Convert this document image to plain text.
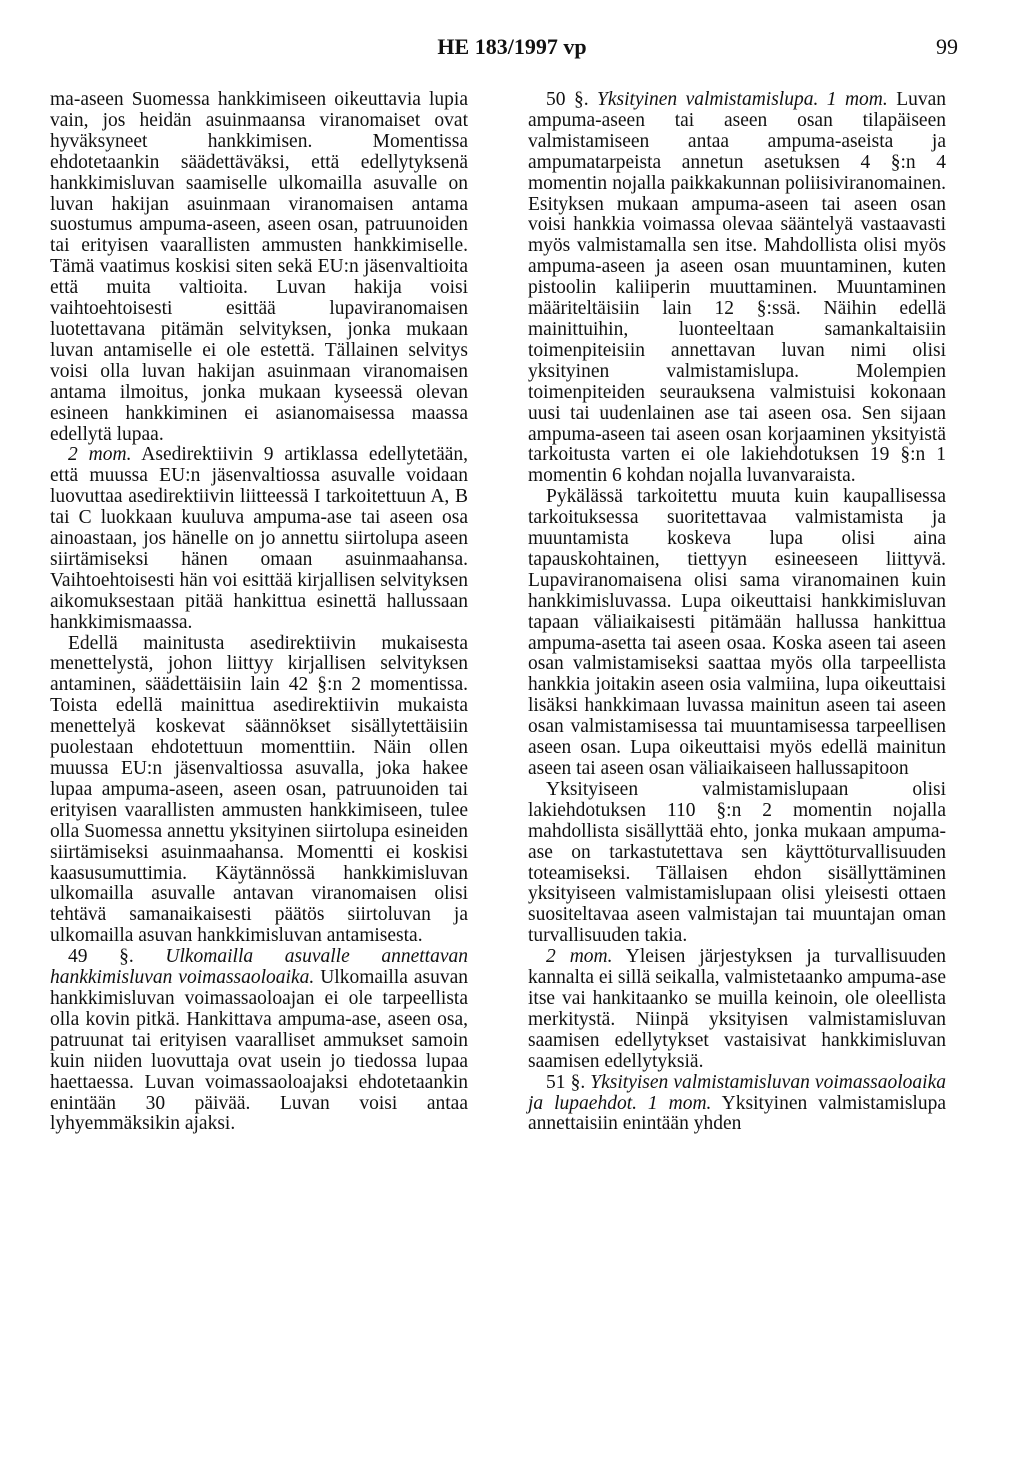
HE 183/1997 vp	99

ma-aseen Suomessa hankkimiseen oikeuttavia lupia vain, jos heidän asuinmaansa viranomaiset ovat hyväksyneet hankkimisen. Momentissa ehdotetaankin säädettäväksi, että edellytyksenä hankkimisluvan saamiselle ulkomailla asuvalle on luvan hakijan asuinmaan viranomaisen antama suostumus ampuma-aseen, aseen osan, patruunoiden tai erityisen vaarallisten ammusten hankkimiselle. Tämä vaatimus koskisi siten sekä EU:n jäsenvaltioita että muita valtioita. Luvan hakija voisi vaihtoehtoisesti esittää lupaviranomaisen luotettavana pitämän selvityksen, jonka mukaan luvan antamiselle ei ole estettä. Tällainen selvitys voisi olla luvan hakijan asuinmaan viranomaisen antama ilmoitus, jonka mukaan kyseessä olevan esineen hankkiminen ei asianomaisessa maassa edellytä lupaa.

2 mom. Asedirektiivin 9 artiklassa edellytetään, että muussa EU:n jäsenvaltiossa asuvalle voidaan luovuttaa asedirektiivin liitteessä I tarkoitettuun A, B tai C luokkaan kuuluva ampuma-ase tai aseen osa ainoastaan, jos hänelle on jo annettu siirtolupa aseen siirtämiseksi hänen omaan asuinmaahansa. Vaihtoehtoisesti hän voi esittää kirjallisen selvityksen aikomuksestaan pitää hankittua esinettä hallussaan hankkimismaassa.

Edellä mainitusta asedirektiivin mukaisesta menettelystä, johon liittyy kirjallisen selvityksen antaminen, säädettäisiin lain 42 §:n 2 momentissa. Toista edellä mainittua asedirektiivin mukaista menettelyä koskevat säännökset sisällytettäisiin puolestaan ehdotettuun momenttiin. Näin ollen muussa EU:n jäsenvaltiossa asuvalla, joka hakee lupaa ampuma-aseen, aseen osan, patruunoiden tai erityisen vaarallisten ammusten hankkimiseen, tulee olla Suomessa annettu yksityinen siirtolupa esineiden siirtämiseksi asuinmaahansa. Momentti ei koskisi kaasusumuttimia. Käytännössä hankkimisluvan ulkomailla asuvalle antavan viranomaisen olisi tehtävä samanaikaisesti päätös siirtoluvan ja ulkomailla asuvan hankkimisluvan antamisesta.

49 §. Ulkomailla asuvalle annettavan hankkimisluvan voimassaoloaika. Ulkomailla asuvan hankkimisluvan voimassaoloajan ei ole tarpeellista olla kovin pitkä. Hankittava ampuma-ase, aseen osa, patruunat tai erityisen vaaralliset ammukset samoin kuin niiden luovuttaja ovat usein jo tiedossa lupaa haettaessa. Luvan voimassaoloajaksi ehdotetaankin enintään 30 päivää. Luvan voisi antaa lyhyemmäksikin ajaksi.

50 §. Yksityinen valmistamislupa. 1 mom. Luvan ampuma-aseen tai aseen osan tilapäiseen valmistamiseen antaa ampuma-aseista ja ampumatarpeista annetun asetuksen 4 §:n 4 momentin nojalla paikkakunnan poliisiviranomainen. Esityksen mukaan ampuma-aseen tai aseen osan voisi hankkia voimassa olevaa sääntelyä vastaavasti myös valmistamalla sen itse. Mahdollista olisi myös ampuma-aseen ja aseen osan muuntaminen, kuten pistoolin kaliiperin muuttaminen. Muuntaminen määriteltäisiin lain 12 §:ssä. Näihin edellä mainittuihin, luonteeltaan samankaltaisiin toimenpiteisiin annettavan luvan nimi olisi yksityinen valmistamislupa. Molempien toimenpiteiden seurauksena valmistuisi kokonaan uusi tai uudenlainen ase tai aseen osa. Sen sijaan ampuma-aseen tai aseen osan korjaaminen yksityistä tarkoitusta varten ei ole lakiehdotuksen 19 §:n 1 momentin 6 kohdan nojalla luvanvaraista.

Pykälässä tarkoitettu muuta kuin kaupallisessa tarkoituksessa suoritettavaa valmistamista ja muuntamista koskeva lupa olisi aina tapauskohtainen, tiettyyn esineeseen liittyvä. Lupaviranomaisena olisi sama viranomainen kuin hankkimisluvassa. Lupa oikeuttaisi hankkimisluvan tapaan väliaikaisesti pitämään hallussa hankittua ampuma-asetta tai aseen osaa. Koska aseen tai aseen osan valmistamiseksi saattaa myös olla tarpeellista hankkia joitakin aseen osia valmiina, lupa oikeuttaisi lisäksi hankkimaan luvassa mainitun aseen tai aseen osan valmistamisessa tai muuntamisessa tarpeellisen aseen osan. Lupa oikeuttaisi myös edellä mainitun aseen tai aseen osan väliaikaiseen hallussapitoon

Yksityiseen valmistamislupaan olisi lakiehdotuksen 110 §:n 2 momentin nojalla mahdollista sisällyttää ehto, jonka mukaan ampuma-ase on tarkastutettava sen käyttöturvallisuuden toteamiseksi. Tällaisen ehdon sisällyttäminen yksityiseen valmistamislupaan olisi yleisesti ottaen suositeltavaa aseen valmistajan tai muuntajan oman turvallisuuden takia.

2 mom. Yleisen järjestyksen ja turvallisuuden kannalta ei sillä seikalla, valmistetaanko ampuma-ase itse vai hankitaanko se muilla keinoin, ole oleellista merkitystä. Niinpä yksityisen valmistamisluvan saamisen edellytykset vastaisivat hankkimisluvan saamisen edellytyksiä.

51 §. Yksityisen valmistamisluvan voimassaoloaika ja lupaehdot. 1 mom. Yksityinen valmistamislupa annettaisiin enintään yhden
